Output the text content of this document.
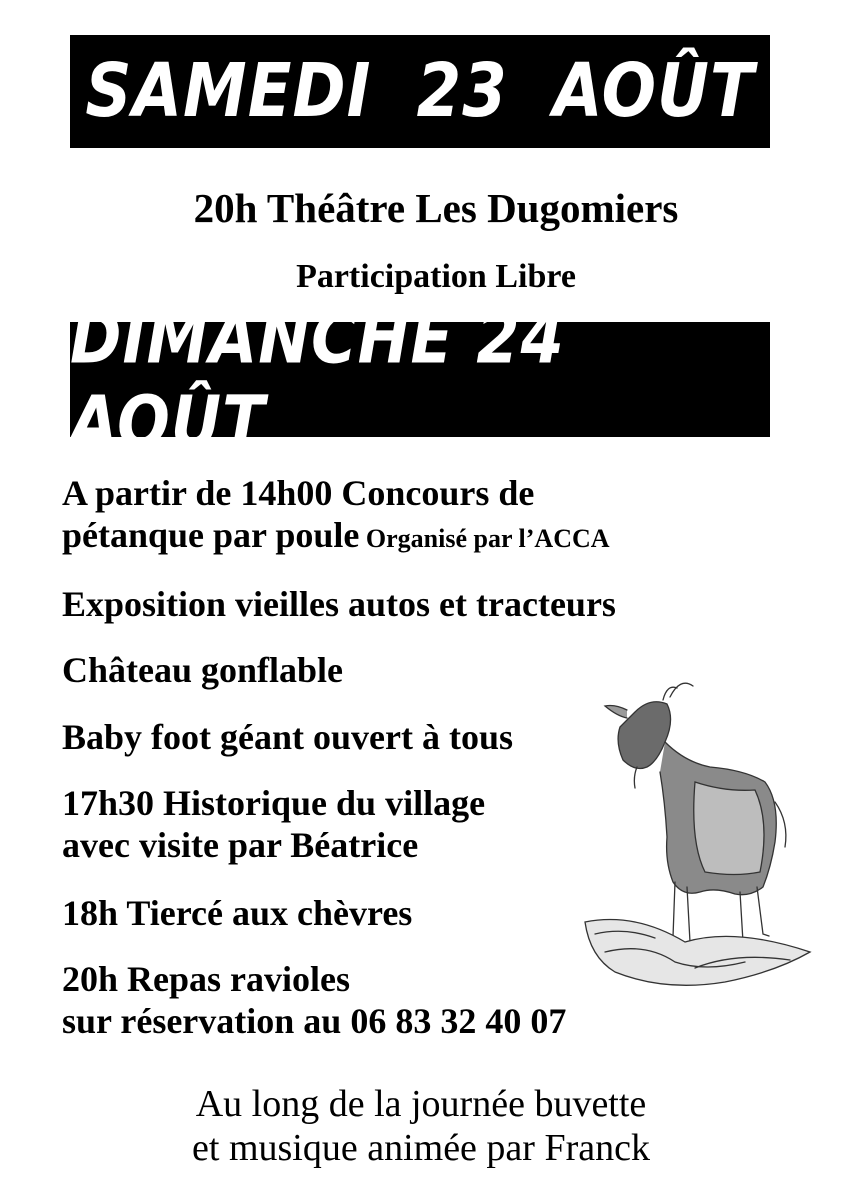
SAMEDI 23 AOÛT
20h Théâtre Les Dugomiers
Participation Libre
DIMANCHE 24 AOÛT
A partir de 14h00 Concours de
pétanque par poule Organisé par l’ACCA
Exposition vieilles autos et tracteurs
Château gonflable
Baby foot géant ouvert à tous
17h30 Historique du village
avec visite par Béatrice
18h Tiercé aux chèvres
20h Repas ravioles
sur réservation au 06 83 32 40 07
Au long de la journée buvette
et musique animée par Franck
